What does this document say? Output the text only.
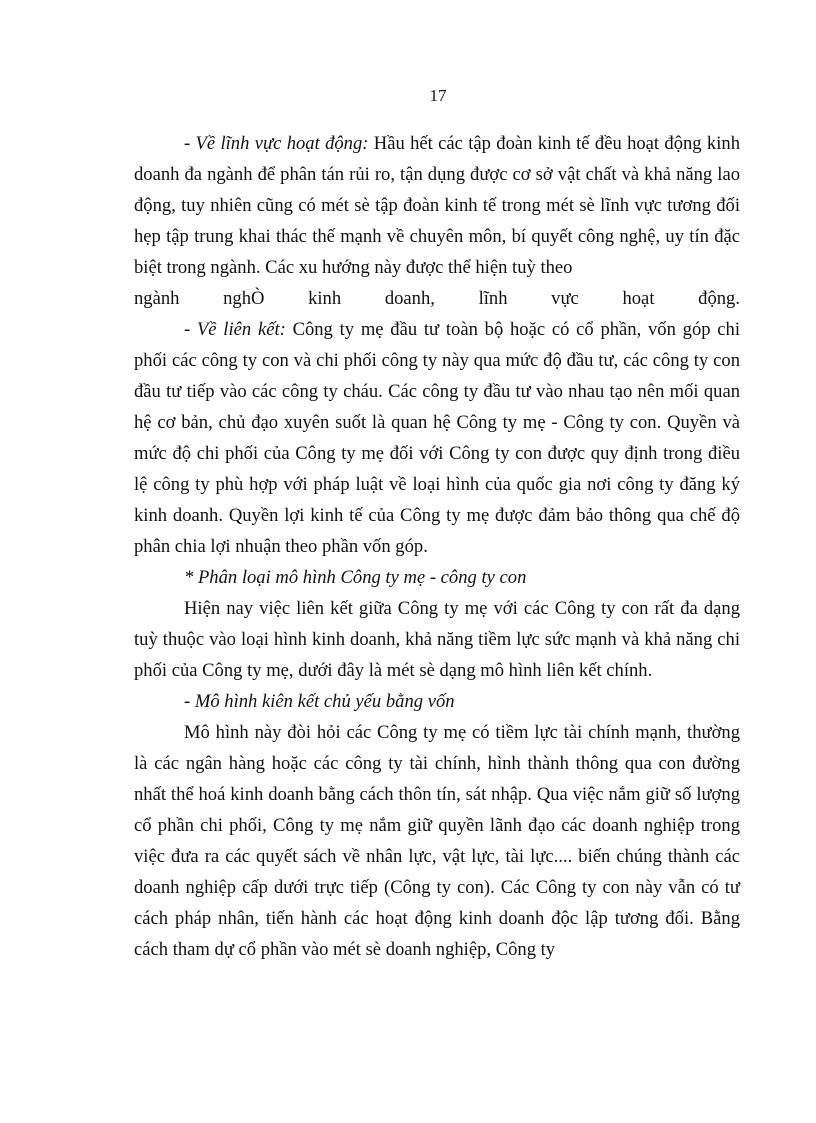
17

- Về lĩnh vực hoạt động: Hầu hết các tập đoàn kinh tế đều hoạt động kinh doanh đa ngành để phân tán rủi ro, tận dụng được cơ sở vật chất và khả năng lao động, tuy nhiên cũng có mét sè tập đoàn kinh tế trong mét sè lĩnh vực tương đối hẹp tập trung khai thác thế mạnh về chuyên môn, bí quyết công nghệ, uy tín đặc biệt trong ngành. Các xu hướng này được thể hiện tuỳ theo
ngành nghÒ kinh doanh, lĩnh vực hoạt động.

- Về liên kết: Công ty mẹ đầu tư toàn bộ hoặc có cổ phần, vốn góp chi phối các công ty con và chi phối công ty này qua mức độ đầu tư, các công ty con đầu tư tiếp vào các công ty cháu. Các công ty đầu tư vào nhau tạo nên mối quan hệ cơ bản, chủ đạo xuyên suốt là quan hệ Công ty mẹ - Công ty con. Quyền và mức độ chi phối của Công ty mẹ đối với Công ty con được quy định trong điều lệ công ty phù hợp với pháp luật về loại hình của quốc gia nơi công ty đăng ký kinh doanh. Quyền lợi kinh tế của Công ty mẹ được đảm bảo thông qua chế độ phân chia lợi nhuận theo phần vốn góp.

* Phân loại mô hình Công ty mẹ - công ty con

Hiện nay việc liên kết giữa Công ty mẹ với các Công ty con rất đa dạng tuỳ thuộc vào loại hình kinh doanh, khả năng tiềm lực sức mạnh và khả năng chi phối của Công ty mẹ, dưới đây là mét sè dạng mô hình liên kết chính.

- Mô hình kiên kết chủ yếu bằng vốn

Mô hình này đòi hỏi các Công ty mẹ có tiềm lực tài chính mạnh, thường là các ngân hàng hoặc các công ty tài chính, hình thành thông qua con đường nhất thể hoá kinh doanh bằng cách thôn tín, sát nhập. Qua việc nắm giữ số lượng cổ phần chi phối, Công ty mẹ nắm giữ quyền lãnh đạo các doanh nghiệp trong việc đưa ra các quyết sách về nhân lực, vật lực, tài lực.... biến chúng thành các doanh nghiệp cấp dưới trực tiếp (Công ty con). Các Công ty con này vẫn có tư cách pháp nhân, tiến hành các hoạt động kinh doanh độc lập tương đối. Bằng cách tham dự cổ phần vào mét sè doanh nghiệp, Công ty
